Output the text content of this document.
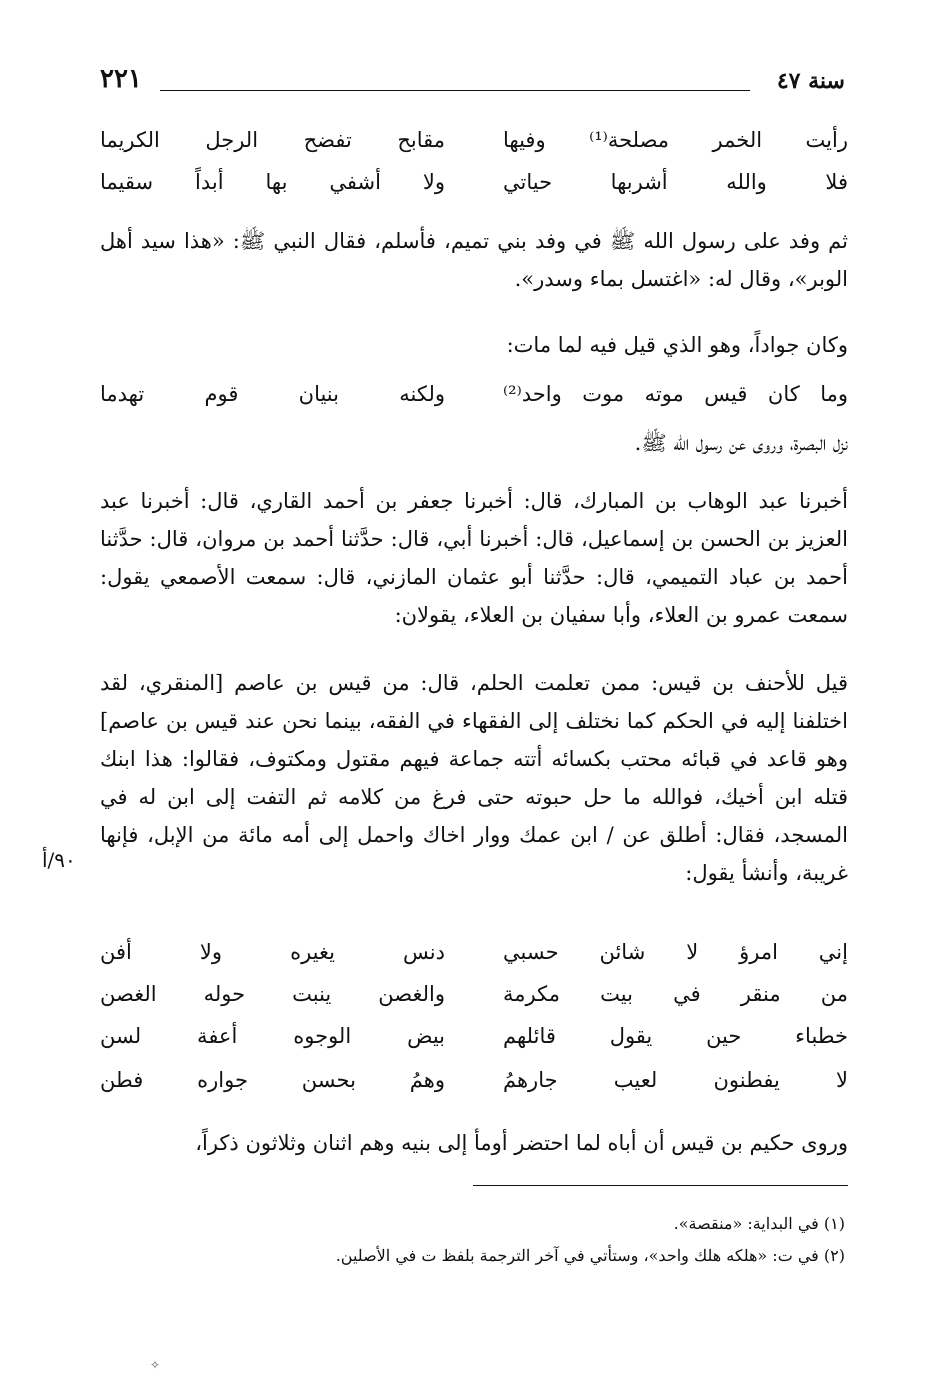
سنة ٤٧
٢٢١
رأيت الخمر مصلحة⁽¹⁾ وفيها
مقابح تفضح الرجل الكريما
فلا والله أشربها حياتي
ولا أشفي بها أبداً سقيما

ثم وفد على رسول الله ﷺ في وفد بني تميم، فأسلم، فقال النبي ﷺ: «هذا سيد أهل الوبر»، وقال له: «اغتسل بماء وسدر».

وكان جواداً، وهو الذي قيل فيه لما مات:

وما كان قيس موته موت واحد⁽²⁾
ولكنه بنيان قوم تهدما

نزل البصرة، وروى عن رسول الله ﷺ.

أخبرنا عبد الوهاب بن المبارك، قال: أخبرنا جعفر بن أحمد القاري، قال: أخبرنا عبد العزيز بن الحسن بن إسماعيل، قال: أخبرنا أبي، قال: حدَّثنا أحمد بن مروان، قال: حدَّثنا أحمد بن عباد التميمي، قال: حدَّثنا أبو عثمان المازني، قال: سمعت الأصمعي يقول: سمعت عمرو بن العلاء، وأبا سفيان بن العلاء، يقولان:

قيل للأحنف بن قيس: ممن تعلمت الحلم، قال: من قيس بن عاصم [المنقري، لقد اختلفنا إليه في الحكم كما نختلف إلى الفقهاء في الفقه، بينما نحن عند قيس بن عاصم] وهو قاعد في قبائه محتب بكسائه أتته جماعة فيهم مقتول ومكتوف، فقالوا: هذا ابنك قتله ابن أخيك، فوالله ما حل حبوته حتى فرغ من كلامه ثم التفت إلى ابن له في المسجد، فقال: أطلق عن / ابن عمك ووار اخاك واحمل إلى أمه مائة من الإبل، فإنها غريبة، وأنشأ يقول:

٩٠/أ
إني امرؤ لا شائن حسبي
دنس يغيره ولا أفن
من منقر في بيت مكرمة
والغصن ينبت حوله الغصن
خطباء حين يقول قائلهم
بيض الوجوه أعفة لسن
لا يفطنون لعيب جارهمُ
وهمُ بحسن جواره فطن

وروى حكيم بن قيس أن أباه لما احتضر أومأ إلى بنيه وهم اثنان وثلاثون ذكراً،

(١) في البداية: «منقصة».

(٢) في ت: «هلكه هلك واحد»، وستأتي في آخر الترجمة بلفظ ت في الأصلين.

✧
